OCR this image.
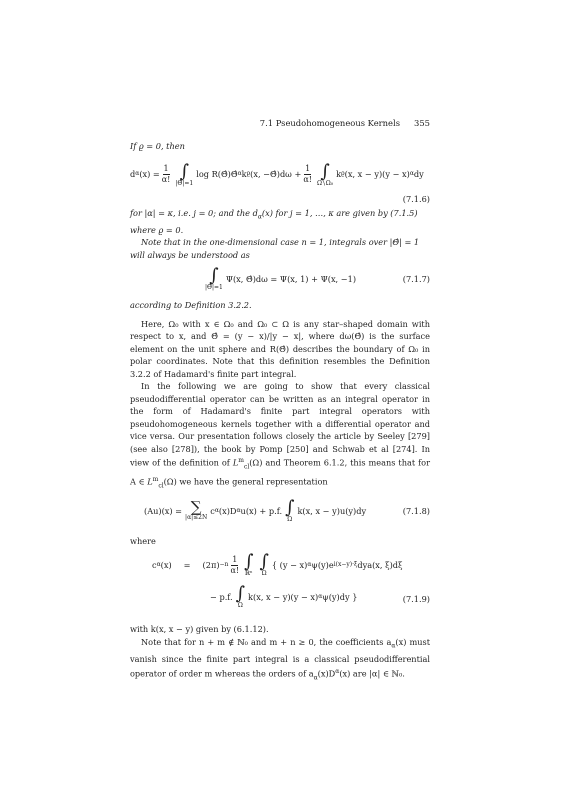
7.1 Pseudohomogeneous Kernels 355

If ϱ = 0, then

d α $(x) = \frac{1}{\alpha!}$ ∫
|Θ̂|=1
log R(Θ̂)Θ̂ α k ϱ (x, −Θ̂)dω + $\frac{1}{\alpha!}$ ∫
Ω∖Ω₀
k ϱ (x, x − y)(y − x) α dy
(7.1.6)

for |α| = κ, i.e. j = 0; and the $d_\alpha(x)$ for j = 1, …, κ are given by (7.1.5) where ϱ = 0.

Note that in the one-dimensional case n = 1, integrals over |Θ̂| = 1 will always be understood as

∫
|Θ̂|=1
Ψ(x, Θ̂)dω = Ψ(x, 1) + Ψ(x, −1)	(7.1.7)

according to Definition 3.2.2.

Here, Ω₀ with x ∈ Ω₀ and Ω₀ ⊂ Ω is any star–shaped domain with respect to x, and Θ̂ = (y − x)/|y − x|, where dω(Θ̂) is the surface element on the unit sphere and R(Θ̂) describes the boundary of Ω₀ in polar coordinates. Note that this definition resembles the Definition 3.2.2 of Hadamard's finite part integral.

In the following we are going to show that every classical pseudodifferential operator can be written as an integral operator in the form of Hadamard's finite part integral operators with pseudohomogeneous kernels together with a differential operator and vice versa. Our presentation follows closely the article by Seeley [279] (see also [278]), the book by Pomp [250] and Schwab et al [274]. In view of the definition of $L^m_{cl}(\Omega)$ and Theorem 6.1.2, this means that for A ∈ $L^m_{cl}(\Omega)$ we have the general representation

(Au)(x) = ∑
|α|≤2N
c α (x)D α u(x) + p.f. ∫
Ω
k(x, x − y)u(y)dy	(7.1.8)

where

c α $(x) = (2\pi) -n \frac{1}{\alpha!}$ ∫
ℝⁿ
∫
Ω
{ (y − x) α ψ(y)e i(x−y)·ξ dya(x, ξ)dξ
− p.f. ∫
Ω
k(x, x − y)(y − x) α ψ(y)dy }	(7.1.9)

with k(x, x − y) given by (6.1.12).

Note that for n + m ∉ ℕ₀ and m + n ≥ 0, the coefficients $a_\alpha(x)$ must vanish since the finite part integral is a classical pseudodifferential operator of order m whereas the orders of $a_\alpha(x)D^\alpha(x)$ are |α| ∈ ℕ₀.
